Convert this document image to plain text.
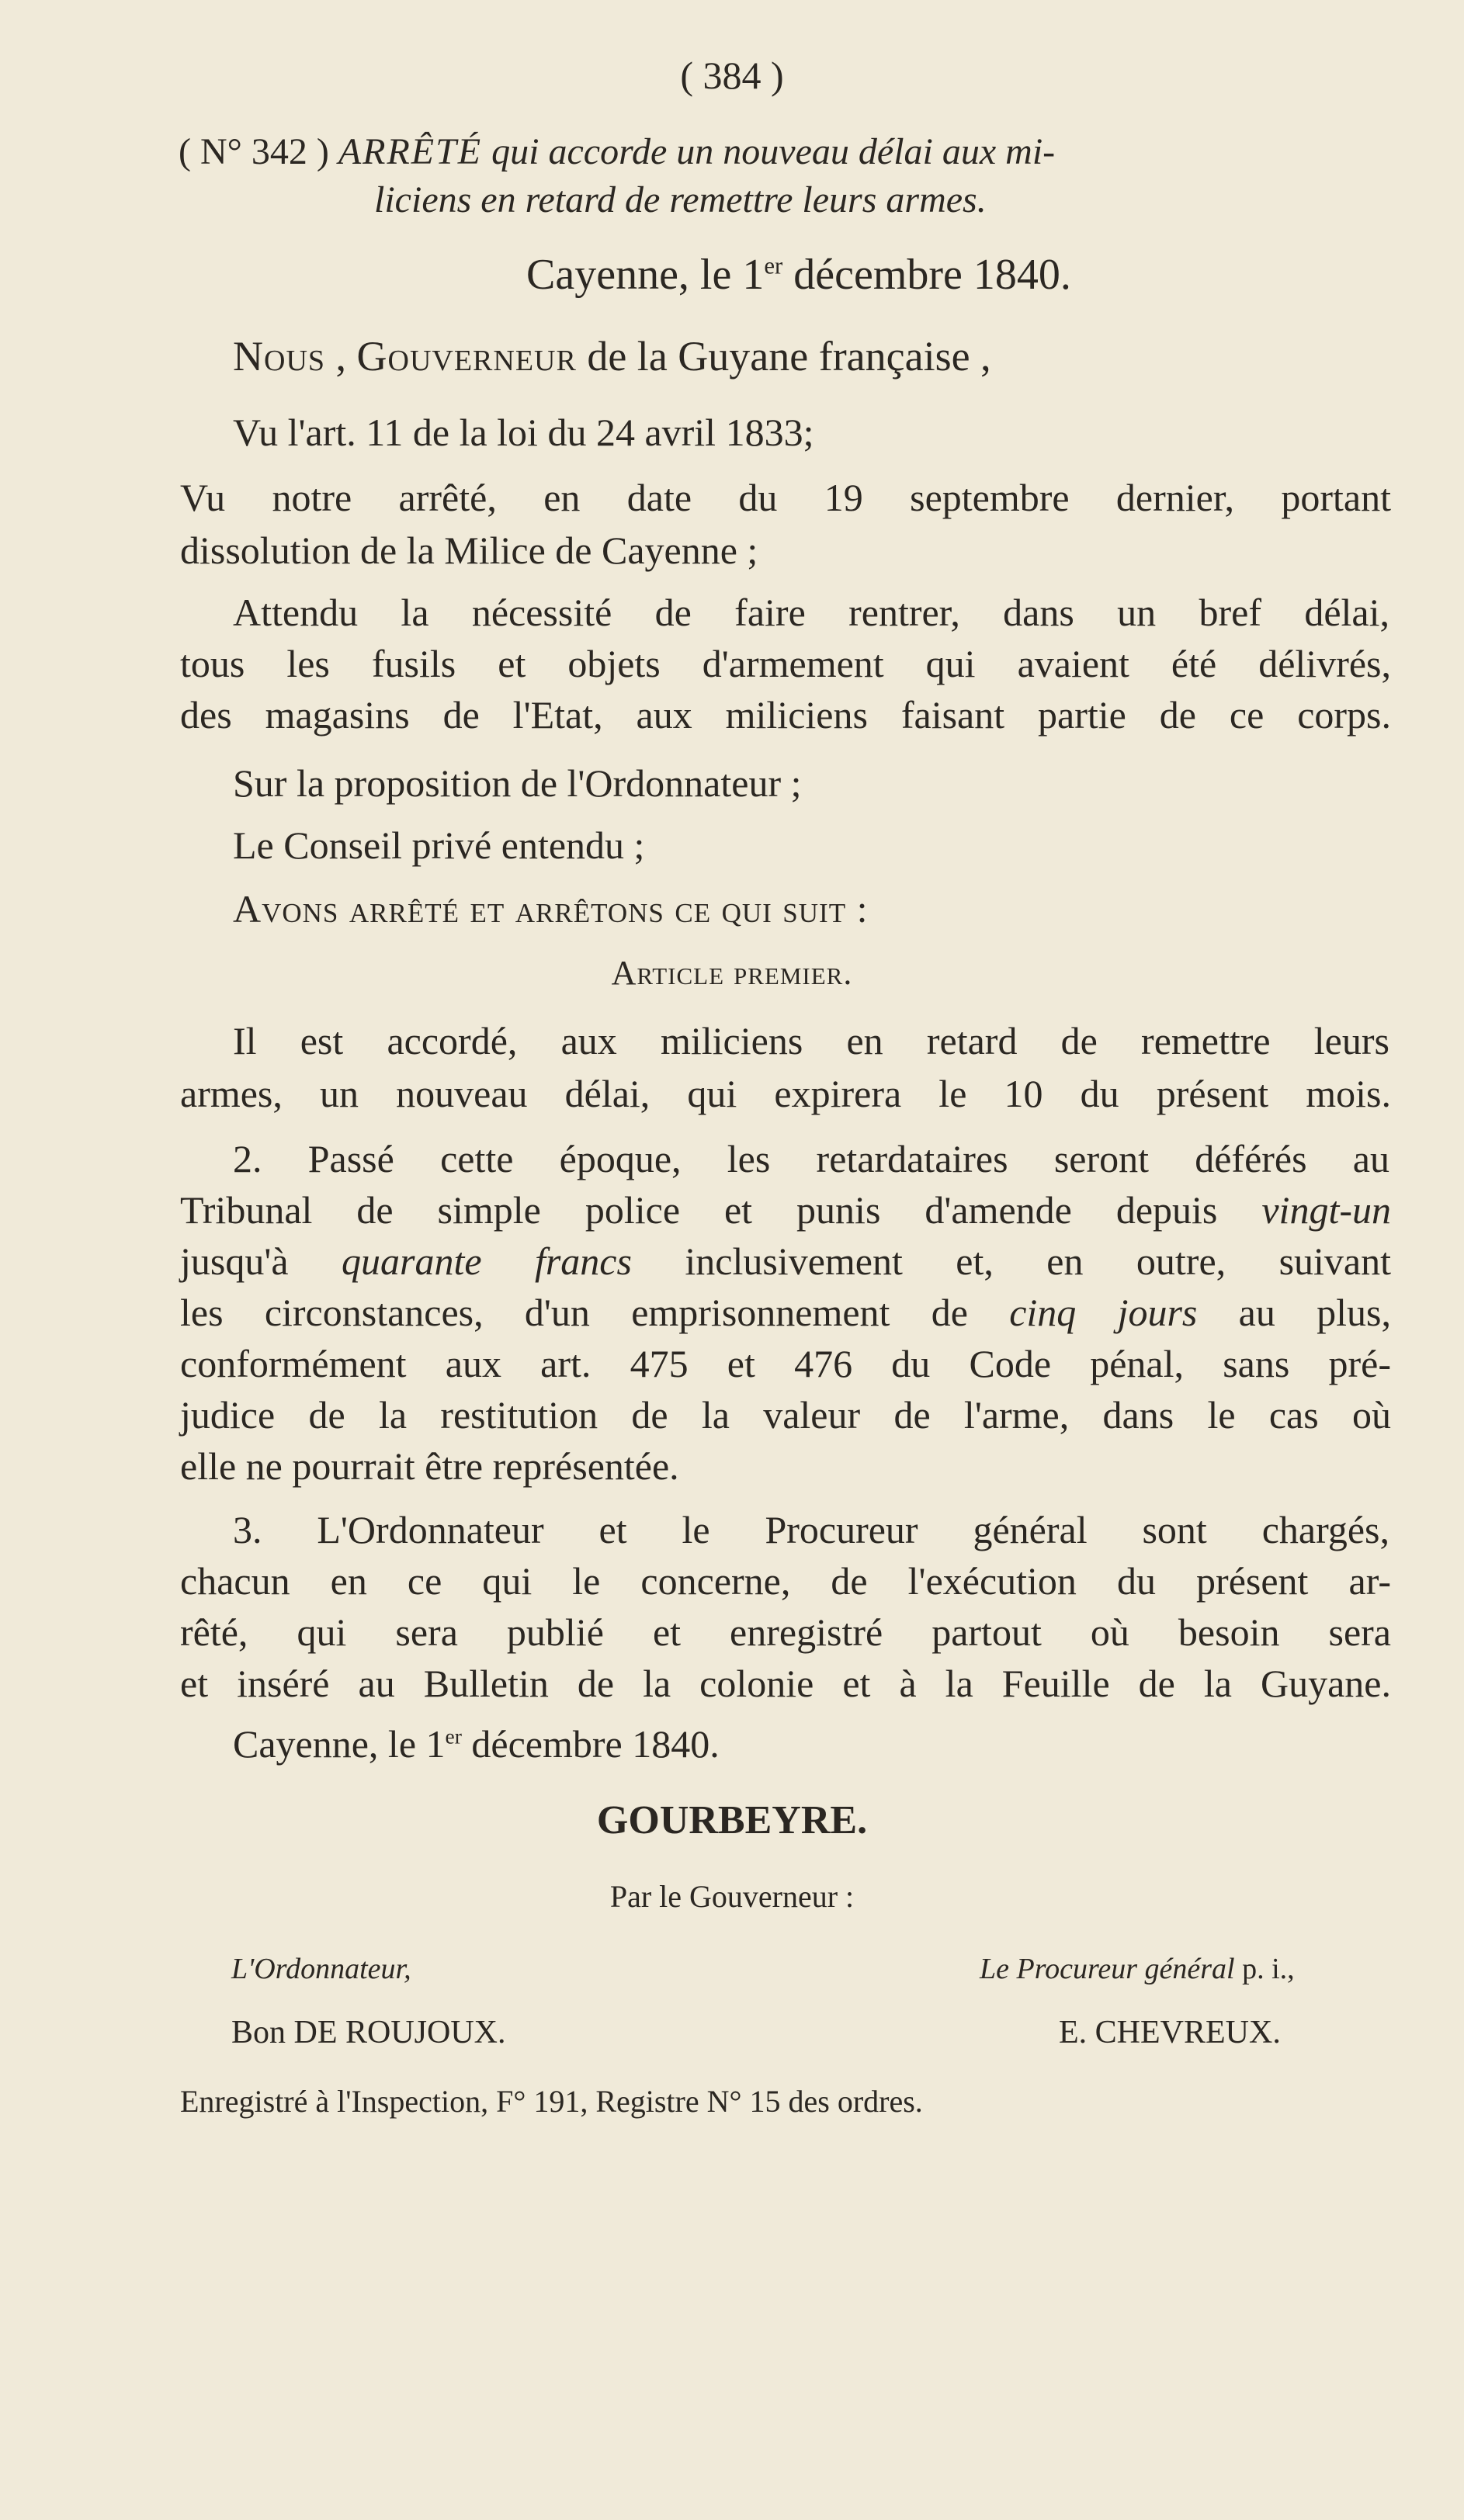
( 384 )
( N° 342 ) ARRÊTÉ qui accorde un nouveau délai aux mi-
liciens en retard de remettre leurs armes.
Cayenne, le 1er décembre 1840.
Nous , Gouverneur de la Guyane française ,
Vu l'art. 11 de la loi du 24 avril 1833;
Vu notre arrêté, en date du 19 septembre dernier, portant
dissolution de la Milice de Cayenne ;
Attendu la nécessité de faire rentrer, dans un bref délai,
tous les fusils et objets d'armement qui avaient été délivrés,
des magasins de l'Etat, aux miliciens faisant partie de ce corps.
Sur la proposition de l'Ordonnateur ;
Le Conseil privé entendu ;
Avons arrêté et arrêtons ce qui suit :
Article premier.
Il est accordé, aux miliciens en retard de remettre leurs
armes, un nouveau délai, qui expirera le 10 du présent mois.
2. Passé cette époque, les retardataires seront déférés au
Tribunal de simple police et punis d'amende depuis vingt-un
jusqu'à quarante francs inclusivement et, en outre, suivant
les circonstances, d'un emprisonnement de cinq jours au plus,
conformément aux art. 475 et 476 du Code pénal, sans pré-
judice de la restitution de la valeur de l'arme, dans le cas où
elle ne pourrait être représentée.
3. L'Ordonnateur et le Procureur général sont chargés,
chacun en ce qui le concerne, de l'exécution du présent ar-
rêté, qui sera publié et enregistré partout où besoin sera
et inséré au Bulletin de la colonie et à la Feuille de la Guyane.
Cayenne, le 1er décembre 1840.
GOURBEYRE.
Par le Gouverneur :
L'Ordonnateur,	Le Procureur général p. i.,
Bon DE ROUJOUX.	E. CHEVREUX.
Enregistré à l'Inspection, F° 191, Registre N° 15 des ordres.
